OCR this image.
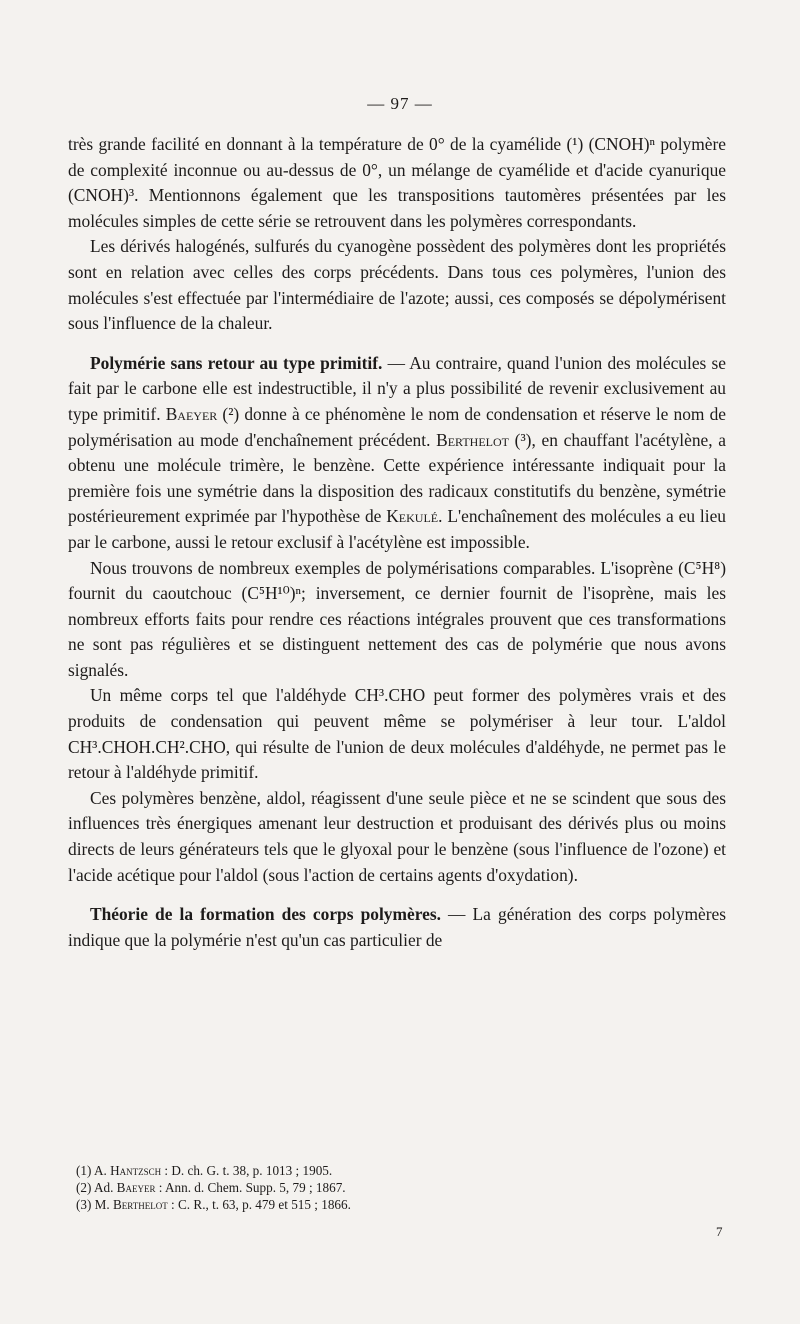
— 97 —

très grande facilité en donnant à la température de 0° de la cyamélide (¹) (CNOH)ⁿ polymère de complexité inconnue ou au-dessus de 0°, un mélange de cyamélide et d'acide cyanurique (CNOH)³. Mentionnons également que les transpositions tautomères présentées par les molécules simples de cette série se retrouvent dans les polymères correspondants.

Les dérivés halogénés, sulfurés du cyanogène possèdent des polymères dont les propriétés sont en relation avec celles des corps précédents. Dans tous ces polymères, l'union des molécules s'est effectuée par l'intermédiaire de l'azote; aussi, ces composés se dépolymérisent sous l'influence de la chaleur.

Polymérie sans retour au type primitif. — Au contraire, quand l'union des molécules se fait par le carbone elle est indestructible, il n'y a plus possibilité de revenir exclusivement au type primitif. Baeyer (²) donne à ce phénomène le nom de condensation et réserve le nom de polymérisation au mode d'enchaînement précédent. Berthelot (³), en chauffant l'acétylène, a obtenu une molécule trimère, le benzène. Cette expérience intéressante indiquait pour la première fois une symétrie dans la disposition des radicaux constitutifs du benzène, symétrie postérieurement exprimée par l'hypothèse de Kekulé. L'enchaînement des molécules a eu lieu par le carbone, aussi le retour exclusif à l'acétylène est impossible.

Nous trouvons de nombreux exemples de polymérisations comparables. L'isoprène (C⁵H⁸) fournit du caoutchouc (C⁵H¹⁰)ⁿ; inversement, ce dernier fournit de l'isoprène, mais les nombreux efforts faits pour rendre ces réactions intégrales prouvent que ces transformations ne sont pas régulières et se distinguent nettement des cas de polymérie que nous avons signalés.

Un même corps tel que l'aldéhyde CH³.CHO peut former des polymères vrais et des produits de condensation qui peuvent même se polymériser à leur tour. L'aldol CH³.CHOH.CH².CHO, qui résulte de l'union de deux molécules d'aldéhyde, ne permet pas le retour à l'aldéhyde primitif.

Ces polymères benzène, aldol, réagissent d'une seule pièce et ne se scindent que sous des influences très énergiques amenant leur destruction et produisant des dérivés plus ou moins directs de leurs générateurs tels que le glyoxal pour le benzène (sous l'influence de l'ozone) et l'acide acétique pour l'aldol (sous l'action de certains agents d'oxydation).

Théorie de la formation des corps polymères. — La génération des corps polymères indique que la polymérie n'est qu'un cas particulier de

(1) A. Hantzsch : D. ch. G. t. 38, p. 1013 ; 1905.
(2) Ad. Baeyer : Ann. d. Chem. Supp. 5, 79 ; 1867.
(3) M. Berthelot : C. R., t. 63, p. 479 et 515 ; 1866.
7
